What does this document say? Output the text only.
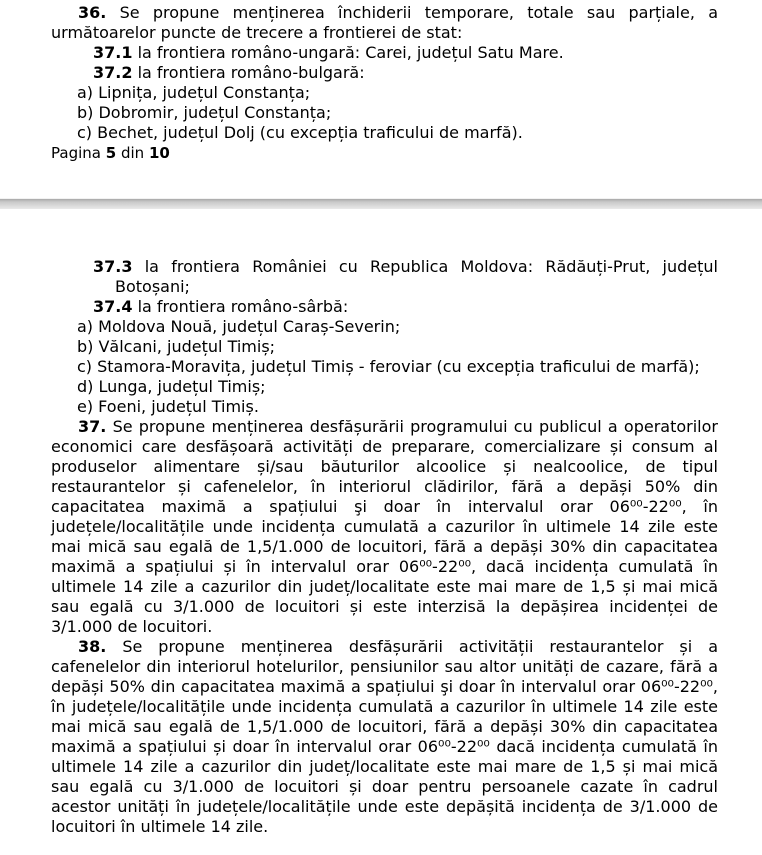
36. Se propune menținerea închiderii temporare, totale sau parțiale, a următoarelor puncte de trecere a frontierei de stat:

37.1 la frontiera româno-ungară: Carei, județul Satu Mare.

37.2 la frontiera româno-bulgară:

a) Lipnița, județul Constanța;

b) Dobromir, județul Constanța;

c) Bechet, județul Dolj (cu excepția traficului de marfă).

Pagina 5 din 10

37.3 la frontiera României cu Republica Moldova: Rădăuți-Prut, județul Botoșani;

37.4 la frontiera româno-sârbă:

a) Moldova Nouă, județul Caraș-Severin;

b) Vălcani, județul Timiș;

c) Stamora-Moravița, județul Timiș - feroviar (cu excepția traficului de marfă);

d) Lunga, județul Timiș;

e) Foeni, județul Timiș.

37. Se propune menținerea desfășurării programului cu publicul a operatorilor economici care desfășoară activități de preparare, comercializare și consum al produselor alimentare și/sau băuturilor alcoolice și nealcoolice, de tipul restaurantelor și cafenelelor, în interiorul clădirilor, fără a depăși 50% din capacitatea maximă a spațiului şi doar în intervalul orar 06⁰⁰-22⁰⁰, în județele/localitățile unde incidența cumulată a cazurilor în ultimele 14 zile este mai mică sau egală de 1,5/1.000 de locuitori, fără a depăși 30% din capacitatea maximă a spațiului și în intervalul orar 06⁰⁰-22⁰⁰, dacă incidența cumulată în ultimele 14 zile a cazurilor din județ/localitate este mai mare de 1,5 și mai mică sau egală cu 3/1.000 de locuitori și este interzisă la depășirea incidenței de 3/1.000 de locuitori.

38. Se propune menținerea desfășurării activității restaurantelor și a cafenelelor din interiorul hotelurilor, pensiunilor sau altor unități de cazare, fără a depăși 50% din capacitatea maximă a spațiului şi doar în intervalul orar 06⁰⁰-22⁰⁰, în județele/localitățile unde incidența cumulată a cazurilor în ultimele 14 zile este mai mică sau egală de 1,5/1.000 de locuitori, fără a depăși 30% din capacitatea maximă a spațiului și doar în intervalul orar 06⁰⁰-22⁰⁰ dacă incidența cumulată în ultimele 14 zile a cazurilor din județ/localitate este mai mare de 1,5 și mai mică sau egală cu 3/1.000 de locuitori și doar pentru persoanele cazate în cadrul acestor unități în județele/localitățile unde este depășită incidența de 3/1.000 de locuitori în ultimele 14 zile.
